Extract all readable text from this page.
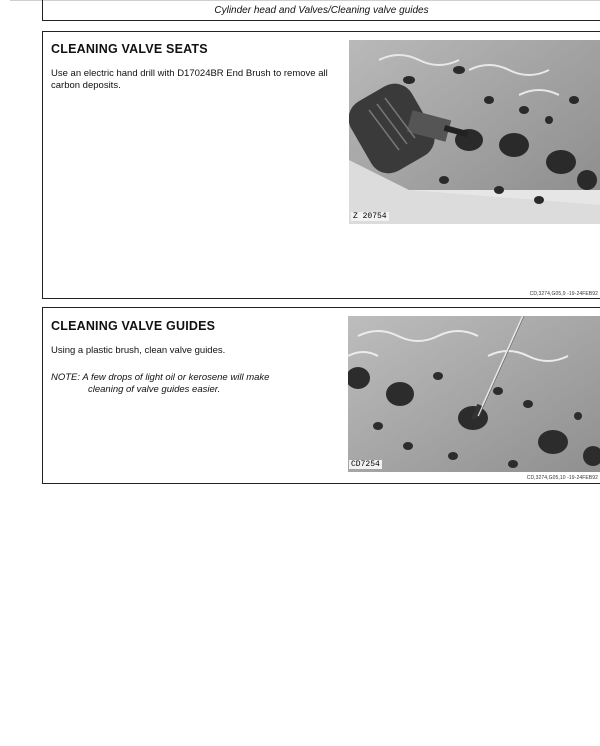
Cylinder head and Valves/Cleaning valve guides
CLEANING VALVE SEATS

Use an electric hand drill with D17024BR End Brush to remove all carbon deposits.

Z 20754
CD,3274,G05,9 -19-24FEB92
CLEANING VALVE GUIDES

Using a plastic brush, clean valve guides.

NOTE: A few drops of light oil or kerosene will make
cleaning of valve guides easier.

CD7254
CD,3274,G05,10 -19-24FEB92
